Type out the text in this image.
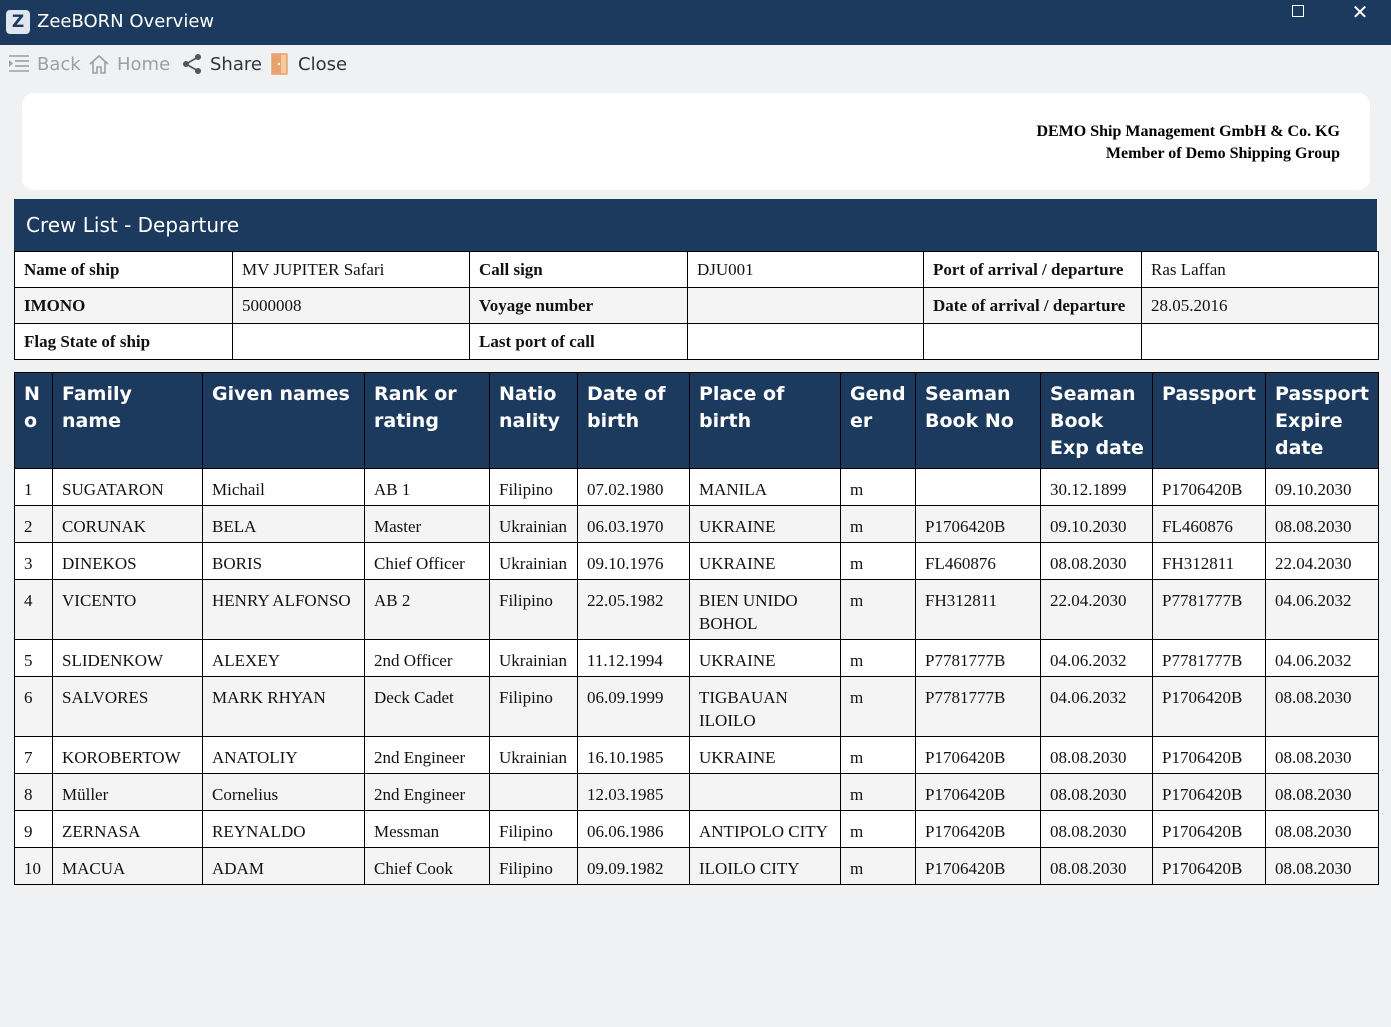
Z ZeeBORN Overview	✕
Back Home Share Close
DEMO Ship Management GmbH & Co. KG
Member of Demo Shipping Group
Crew List - Departure
Name of ship	MV JUPITER Safari	Call sign	DJU001	Port of arrival / departure	Ras Laffan
IMONO	5000008	Voyage number		Date of arrival / departure	28.05.2016
Flag State of ship		Last port of call			
N o	Family name	Given names	Rank or rating	Natio nality	Date of birth	Place of birth	Gend er	Seaman Book No	Seaman Book Exp date	Passport	Passport Expire date
1	SUGATARON	Michail	AB 1	Filipino	07.02.1980	MANILA	m		30.12.1899	P1706420B	09.10.2030
2	CORUNAK	BELA	Master	Ukrainian	06.03.1970	UKRAINE	m	P1706420B	09.10.2030	FL460876	08.08.2030
3	DINEKOS	BORIS	Chief Officer	Ukrainian	09.10.1976	UKRAINE	m	FL460876	08.08.2030	FH312811	22.04.2030
4	VICENTO	HENRY ALFONSO	AB 2	Filipino	22.05.1982	BIEN UNIDO BOHOL	m	FH312811	22.04.2030	P7781777B	04.06.2032
5	SLIDENKOW	ALEXEY	2nd Officer	Ukrainian	11.12.1994	UKRAINE	m	P7781777B	04.06.2032	P7781777B	04.06.2032
6	SALVORES	MARK RHYAN	Deck Cadet	Filipino	06.09.1999	TIGBAUAN ILOILO	m	P7781777B	04.06.2032	P1706420B	08.08.2030
7	KOROBERTOW	ANATOLIY	2nd Engineer	Ukrainian	16.10.1985	UKRAINE	m	P1706420B	08.08.2030	P1706420B	08.08.2030
8	Müller	Cornelius	2nd Engineer		12.03.1985		m	P1706420B	08.08.2030	P1706420B	08.08.2030
9	ZERNASA	REYNALDO	Messman	Filipino	06.06.1986	ANTIPOLO CITY	m	P1706420B	08.08.2030	P1706420B	08.08.2030
10	MACUA	ADAM	Chief Cook	Filipino	09.09.1982	ILOILO CITY	m	P1706420B	08.08.2030	P1706420B	08.08.2030
